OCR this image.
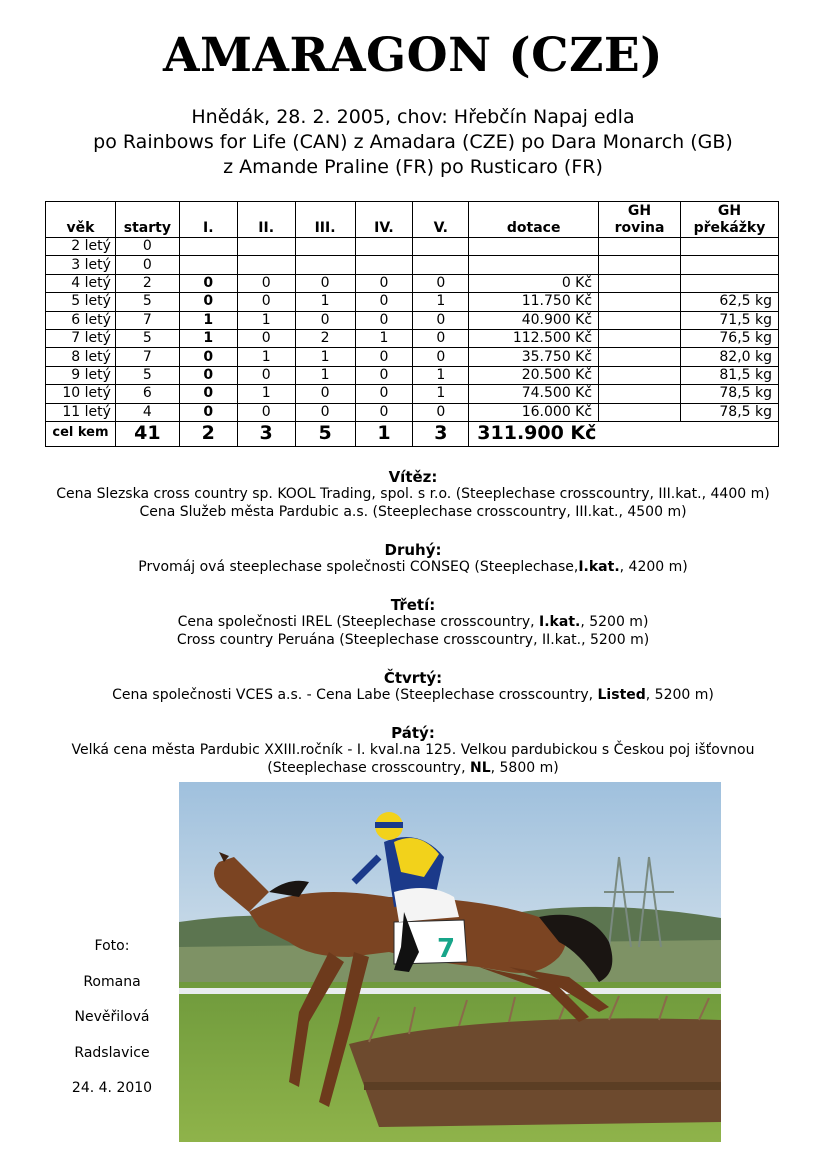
AMARAGON (CZE)
Hnědák, 28. 2. 2005, chov: Hřebčín Napaj edla
po Rainbows for Life (CAN) z Amadara (CZE) po Dara Monarch (GB)
z Amande Praline (FR) po Rusticaro (FR)
věk	starty	I.	II.	III.	IV.	V.	dotace	GH rovina	GH překážky
2 letý	0								
3 letý	0								
4 letý	2	0	0	0	0	0	0 Kč		
5 letý	5	0	0	1	0	1	11.750 Kč		62,5 kg
6 letý	7	1	1	0	0	0	40.900 Kč		71,5 kg
7 letý	5	1	0	2	1	0	112.500 Kč		76,5 kg
8 letý	7	0	1	1	0	0	35.750 Kč		82,0 kg
9 letý	5	0	0	1	0	1	20.500 Kč		81,5 kg
10 letý	6	0	1	0	0	1	74.500 Kč		78,5 kg
11 letý	4	0	0	0	0	0	16.000 Kč		78,5 kg
cel kem	41	2	3	5	1	3	311.900 Kč		
Vítěz:
Cena Slezska cross country sp. KOOL Trading, spol. s r.o. (Steeplechase crosscountry, III.kat., 4400 m)
Cena Služeb města Pardubic a.s. (Steeplechase crosscountry, III.kat., 4500 m)
Druhý:
Prvomáj ová steeplechase společnosti CONSEQ (Steeplechase,I.kat., 4200 m)
Třetí:
Cena společnosti IREL (Steeplechase crosscountry, I.kat., 5200 m)
Cross country Peruána (Steeplechase crosscountry, II.kat., 5200 m)
Čtvrtý:
Cena společnosti VCES a.s. - Cena Labe (Steeplechase crosscountry, Listed, 5200 m)
Pátý:
Velká cena města Pardubic XXIII.ročník - I. kval.na 125. Velkou pardubickou s Českou poj išťovnou
(Steeplechase crosscountry, NL, 5800 m)
7
Foto:
Romana
Nevěřilová
Radslavice
24. 4. 2010
